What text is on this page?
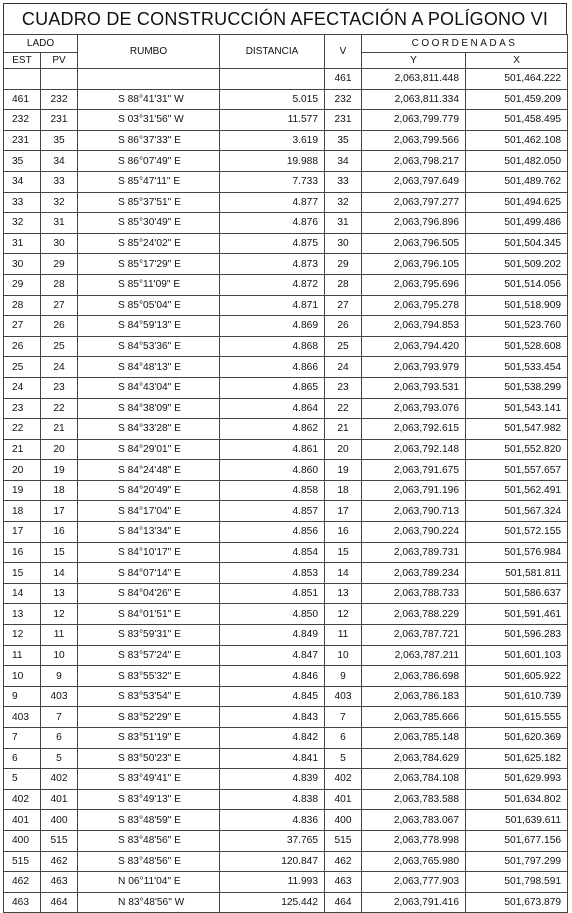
CUADRO DE CONSTRUCCIÓN AFECTACIÓN A POLÍGONO VI
LADO		RUMBO	DISTANCIA	V	COORDENADAS	
EST	PV				Y	X
				461	2,063,811.448	501,464.222
461	232	S 88°41'31" W	5.015	232	2,063,811.334	501,459.209
232	231	S 03°31'56" W	11.577	231	2,063,799.779	501,458.495
231	35	S 86°37'33" E	3.619	35	2,063,799.566	501,462.108
35	34	S 86°07'49" E	19.988	34	2,063,798.217	501,482.050
34	33	S 85°47'11" E	7.733	33	2,063,797.649	501,489.762
33	32	S 85°37'51" E	4.877	32	2,063,797.277	501,494.625
32	31	S 85°30'49" E	4.876	31	2,063,796.896	501,499.486
31	30	S 85°24'02" E	4.875	30	2,063,796.505	501,504.345
30	29	S 85°17'29" E	4.873	29	2,063,796.105	501,509.202
29	28	S 85°11'09" E	4.872	28	2,063,795.696	501,514.056
28	27	S 85°05'04" E	4.871	27	2,063,795.278	501,518.909
27	26	S 84°59'13" E	4.869	26	2,063,794.853	501,523.760
26	25	S 84°53'36" E	4.868	25	2,063,794.420	501,528.608
25	24	S 84°48'13" E	4.866	24	2,063,793.979	501,533.454
24	23	S 84°43'04" E	4.865	23	2,063,793.531	501,538.299
23	22	S 84°38'09" E	4.864	22	2,063,793.076	501,543.141
22	21	S 84°33'28" E	4.862	21	2,063,792.615	501,547.982
21	20	S 84°29'01" E	4.861	20	2,063,792.148	501,552.820
20	19	S 84°24'48" E	4.860	19	2,063,791.675	501,557.657
19	18	S 84°20'49" E	4.858	18	2,063,791.196	501,562.491
18	17	S 84°17'04" E	4.857	17	2,063,790.713	501,567.324
17	16	S 84°13'34" E	4.856	16	2,063,790.224	501,572.155
16	15	S 84°10'17" E	4.854	15	2,063,789.731	501,576.984
15	14	S 84°07'14" E	4.853	14	2,063,789.234	501,581.811
14	13	S 84°04'26" E	4.851	13	2,063,788.733	501,586.637
13	12	S 84°01'51" E	4.850	12	2,063,788.229	501,591.461
12	11	S 83°59'31" E	4.849	11	2,063,787.721	501,596.283
11	10	S 83°57'24" E	4.847	10	2,063,787.211	501,601.103
10	9	S 83°55'32" E	4.846	9	2,063,786.698	501,605.922
9	403	S 83°53'54" E	4.845	403	2,063,786.183	501,610.739
403	7	S 83°52'29" E	4.843	7	2,063,785.666	501,615.555
7	6	S 83°51'19" E	4.842	6	2,063,785.148	501,620.369
6	5	S 83°50'23" E	4.841	5	2,063,784.629	501,625.182
5	402	S 83°49'41" E	4.839	402	2,063,784.108	501,629.993
402	401	S 83°49'13" E	4.838	401	2,063,783.588	501,634.802
401	400	S 83°48'59" E	4.836	400	2,063,783.067	501,639.611
400	515	S 83°48'56" E	37.765	515	2,063,778.998	501,677.156
515	462	S 83°48'56" E	120.847	462	2,063,765.980	501,797.299
462	463	N 06°11'04" E	11.993	463	2,063,777.903	501,798.591
463	464	N 83°48'56" W	125.442	464	2,063,791.416	501,673.879
